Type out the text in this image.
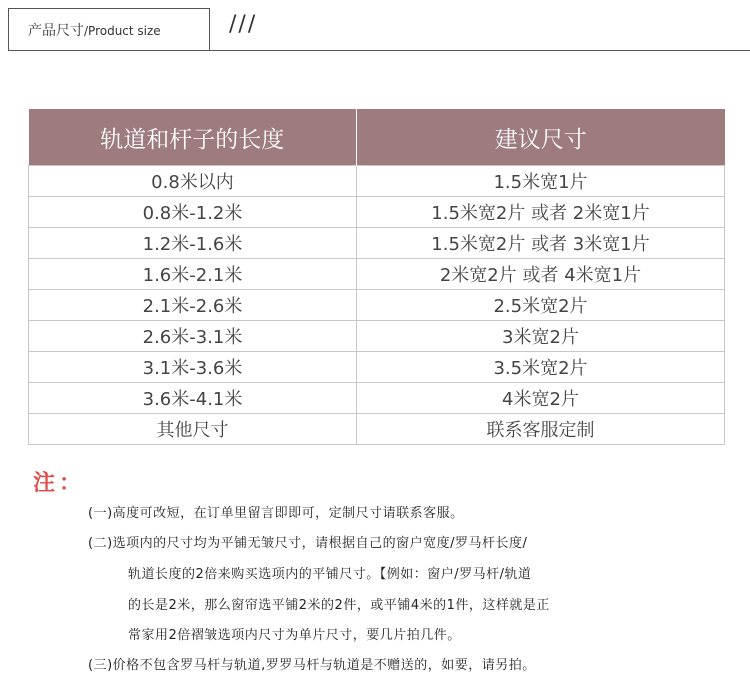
产品尺寸/Product size	///
轨道和杆子的长度	建议尺寸
0.8米以内	1.5米宽1片
0.8米-1.2米	1.5米宽2片 或者 2米宽1片
1.2米-1.6米	1.5米宽2片 或者 3米宽1片
1.6米-2.1米	2米宽2片 或者 4米宽1片
2.1米-2.6米	2.5米宽2片
2.6米-3.1米	3米宽2片
3.1米-3.6米	3.5米宽2片
3.6米-4.1米	4米宽2片
其他尺寸	联系客服定制
注：
(一)高度可改短，在订单里留言即即可，定制尺寸请联系客服。
(二)选项内的尺寸均为平铺无皱尺寸，请根据自己的窗户宽度/罗马杆长度/
轨道长度的2倍来购买选项内的平铺尺寸。【例如：窗户/罗马杆/轨道
的长是2米，那么窗帘选平铺2米的2件，或平铺4米的1件，这样就是正
常家用2倍褶皱选项内尺寸为单片尺寸，要几片拍几件。
(三)价格不包含罗马杆与轨道,罗罗马杆与轨道是不赠送的，如要，请另拍。
